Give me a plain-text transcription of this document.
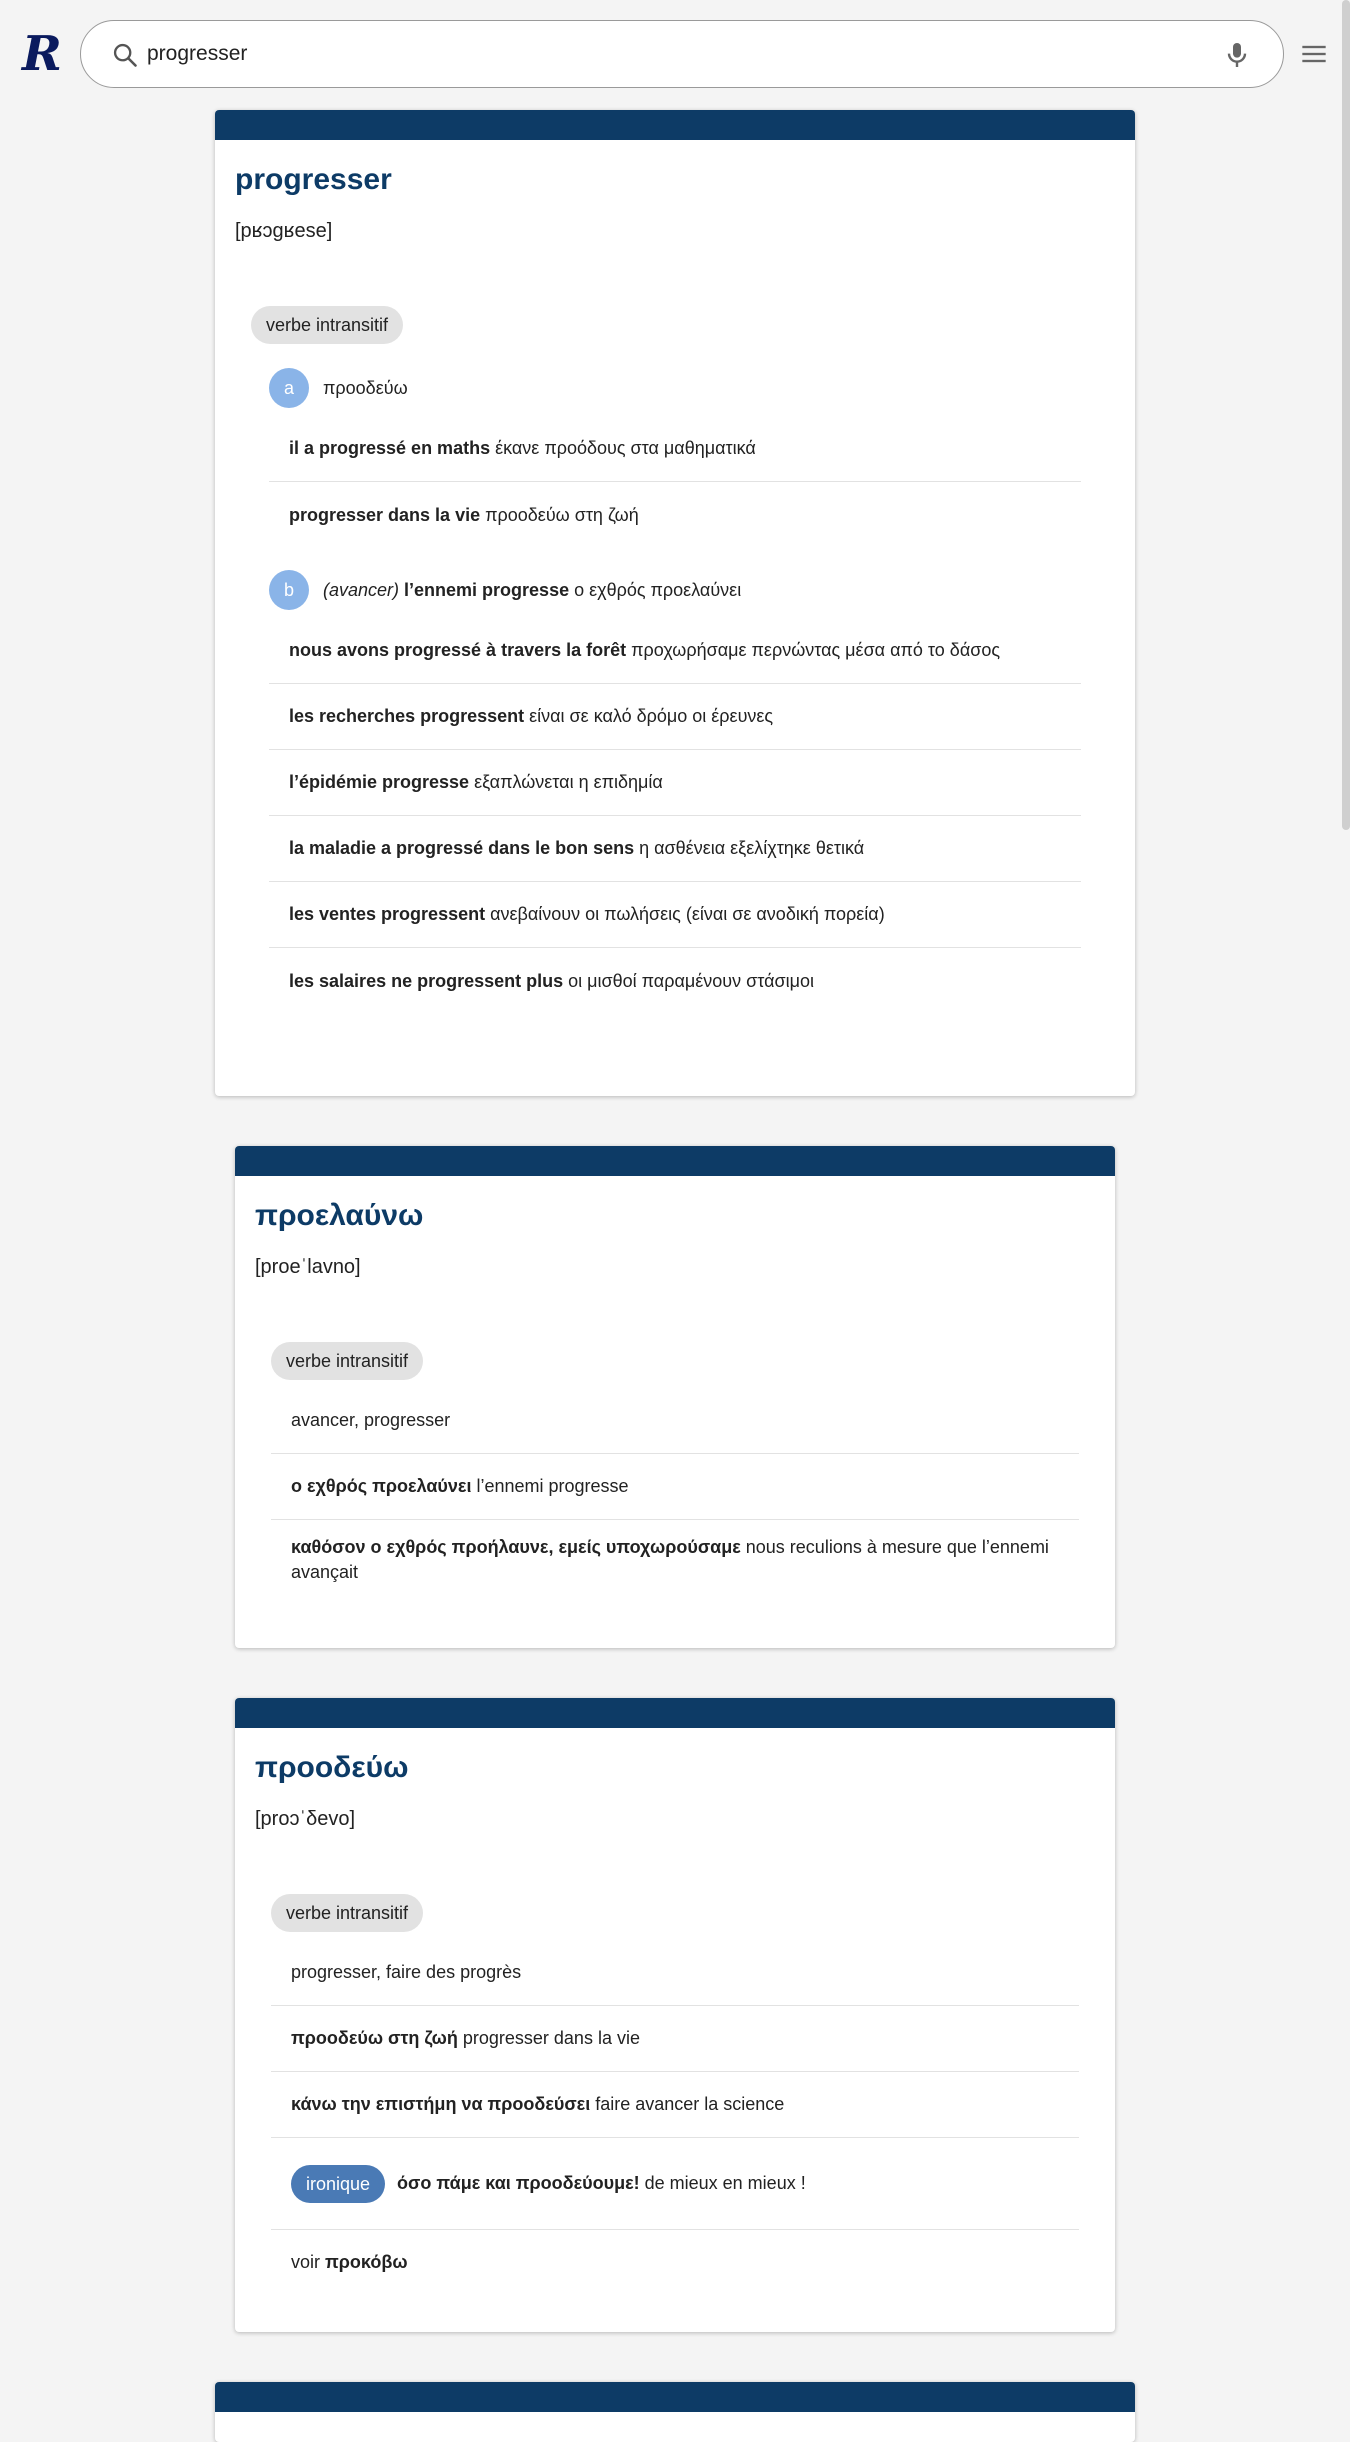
R
progresser
progresser
[pʁɔɡʁese]
verbe intransitif
a	προοδεύω
il a progressé en maths έκανε προόδους στα μαθηματικά
progresser dans la vie προοδεύω στη ζωή
b	(avancer) l’ennemi progresse ο εχθρός προελαύνει
nous avons progressé à travers la forêt προχωρήσαμε περνώντας μέσα από το δάσος
les recherches progressent είναι σε καλό δρόμο οι έρευνες
l’épidémie progresse εξαπλώνεται η επιδημία
la maladie a progressé dans le bon sens η ασθένεια εξελίχτηκε θετικά
les ventes progressent ανεβαίνουν οι πωλήσεις (είναι σε ανοδική πορεία)
les salaires ne progressent plus οι μισθοί παραμένουν στάσιμοι
προελαύνω
[proeˈlavno]
verbe intransitif
avancer, progresser
ο εχθρός προελαύνει l’ennemi progresse
καθόσον ο εχθρός προήλαυνε, εμείς υποχωρούσαμε nous reculions à mesure que l’ennemi avançait
προοδεύω
[proɔˈδevo]
verbe intransitif
progresser, faire des progrès
προοδεύω στη ζωή progresser dans la vie
κάνω την επιστήμη να προοδεύσει faire avancer la science
ironique	όσο πάμε και προοδεύουμε! de mieux en mieux !
voir προκόβω
